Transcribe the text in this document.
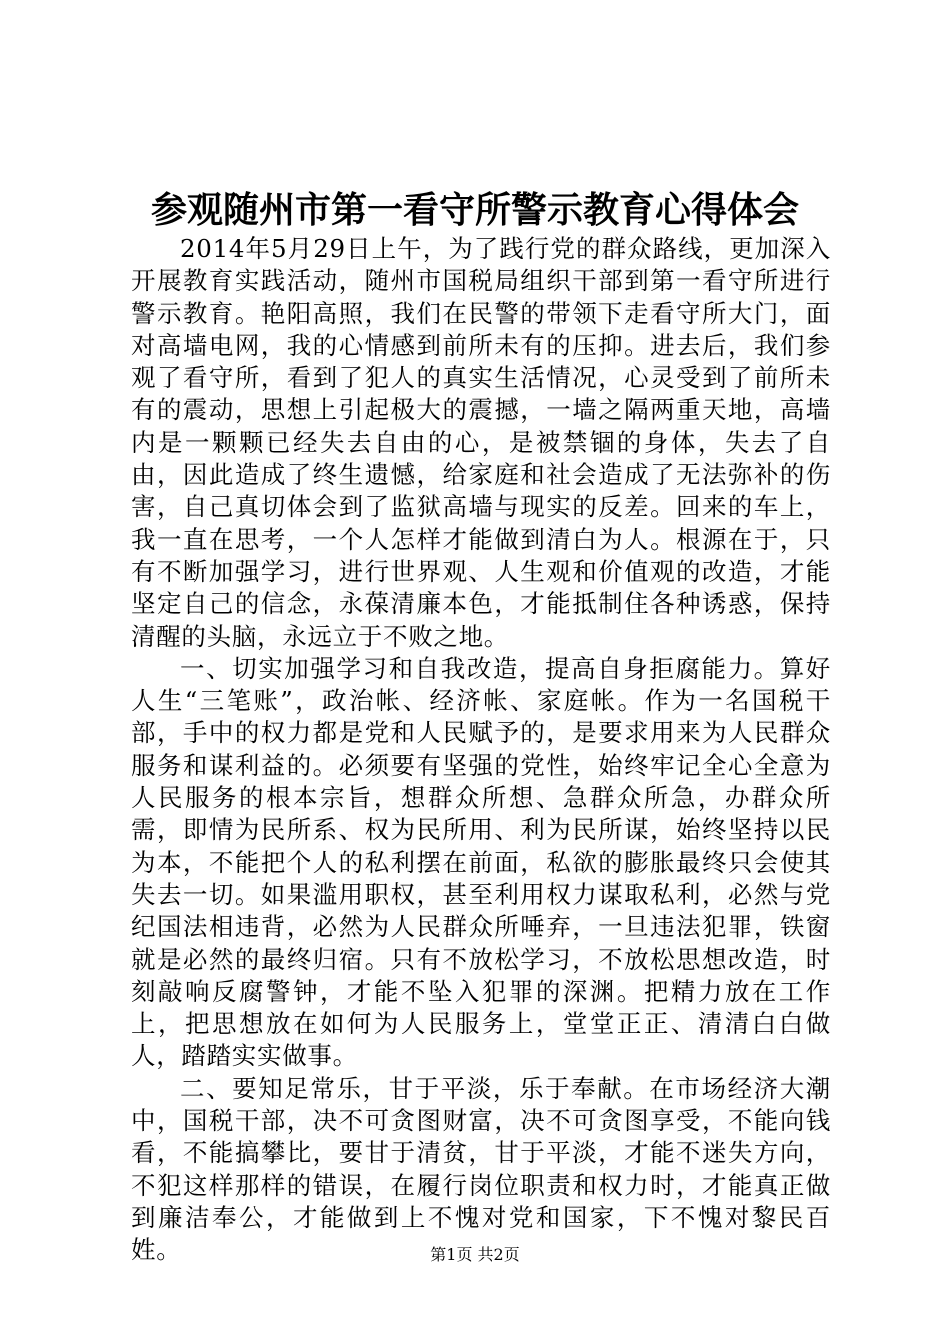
参观随州市第一看守所警示教育心得体会

2014年5月29日上午，为了践行党的群众路线，更加深入开展教育实践活动，随州市国税局组织干部到第一看守所进行警示教育。艳阳高照，我们在民警的带领下走看守所大门，面对高墙电网，我的心情感到前所未有的压抑。进去后，我们参观了看守所，看到了犯人的真实生活情况，心灵受到了前所未有的震动，思想上引起极大的震撼，一墙之隔两重天地，高墙内是一颗颗已经失去自由的心，是被禁锢的身体，失去了自由，因此造成了终生遗憾，给家庭和社会造成了无法弥补的伤害，自己真切体会到了监狱高墙与现实的反差。回来的车上，我一直在思考，一个人怎样才能做到清白为人。根源在于，只有不断加强学习，进行世界观、人生观和价值观的改造，才能坚定自己的信念，永葆清廉本色，才能抵制住各种诱惑，保持清醒的头脑，永远立于不败之地。

一、切实加强学习和自我改造，提高自身拒腐能力。算好人生“三笔账”，政治帐、经济帐、家庭帐。作为一名国税干部，手中的权力都是党和人民赋予的，是要求用来为人民群众服务和谋利益的。必须要有坚强的党性，始终牢记全心全意为人民服务的根本宗旨，想群众所想、急群众所急，办群众所需，即情为民所系、权为民所用、利为民所谋，始终坚持以民为本，不能把个人的私利摆在前面，私欲的膨胀最终只会使其失去一切。如果滥用职权，甚至利用权力谋取私利，必然与党纪国法相违背，必然为人民群众所唾弃，一旦违法犯罪，铁窗就是必然的最终归宿。只有不放松学习，不放松思想改造，时刻敲响反腐警钟，才能不坠入犯罪的深渊。把精力放在工作上，把思想放在如何为人民服务上，堂堂正正、清清白白做人，踏踏实实做事。

二、要知足常乐，甘于平淡，乐于奉献。在市场经济大潮中，国税干部，决不可贪图财富，决不可贪图享受，不能向钱看，不能搞攀比，要甘于清贫，甘于平淡，才能不迷失方向，不犯这样那样的错误，在履行岗位职责和权力时，才能真正做到廉洁奉公，才能做到上不愧对党和国家，下不愧对黎民百姓。	第1页 共2页
